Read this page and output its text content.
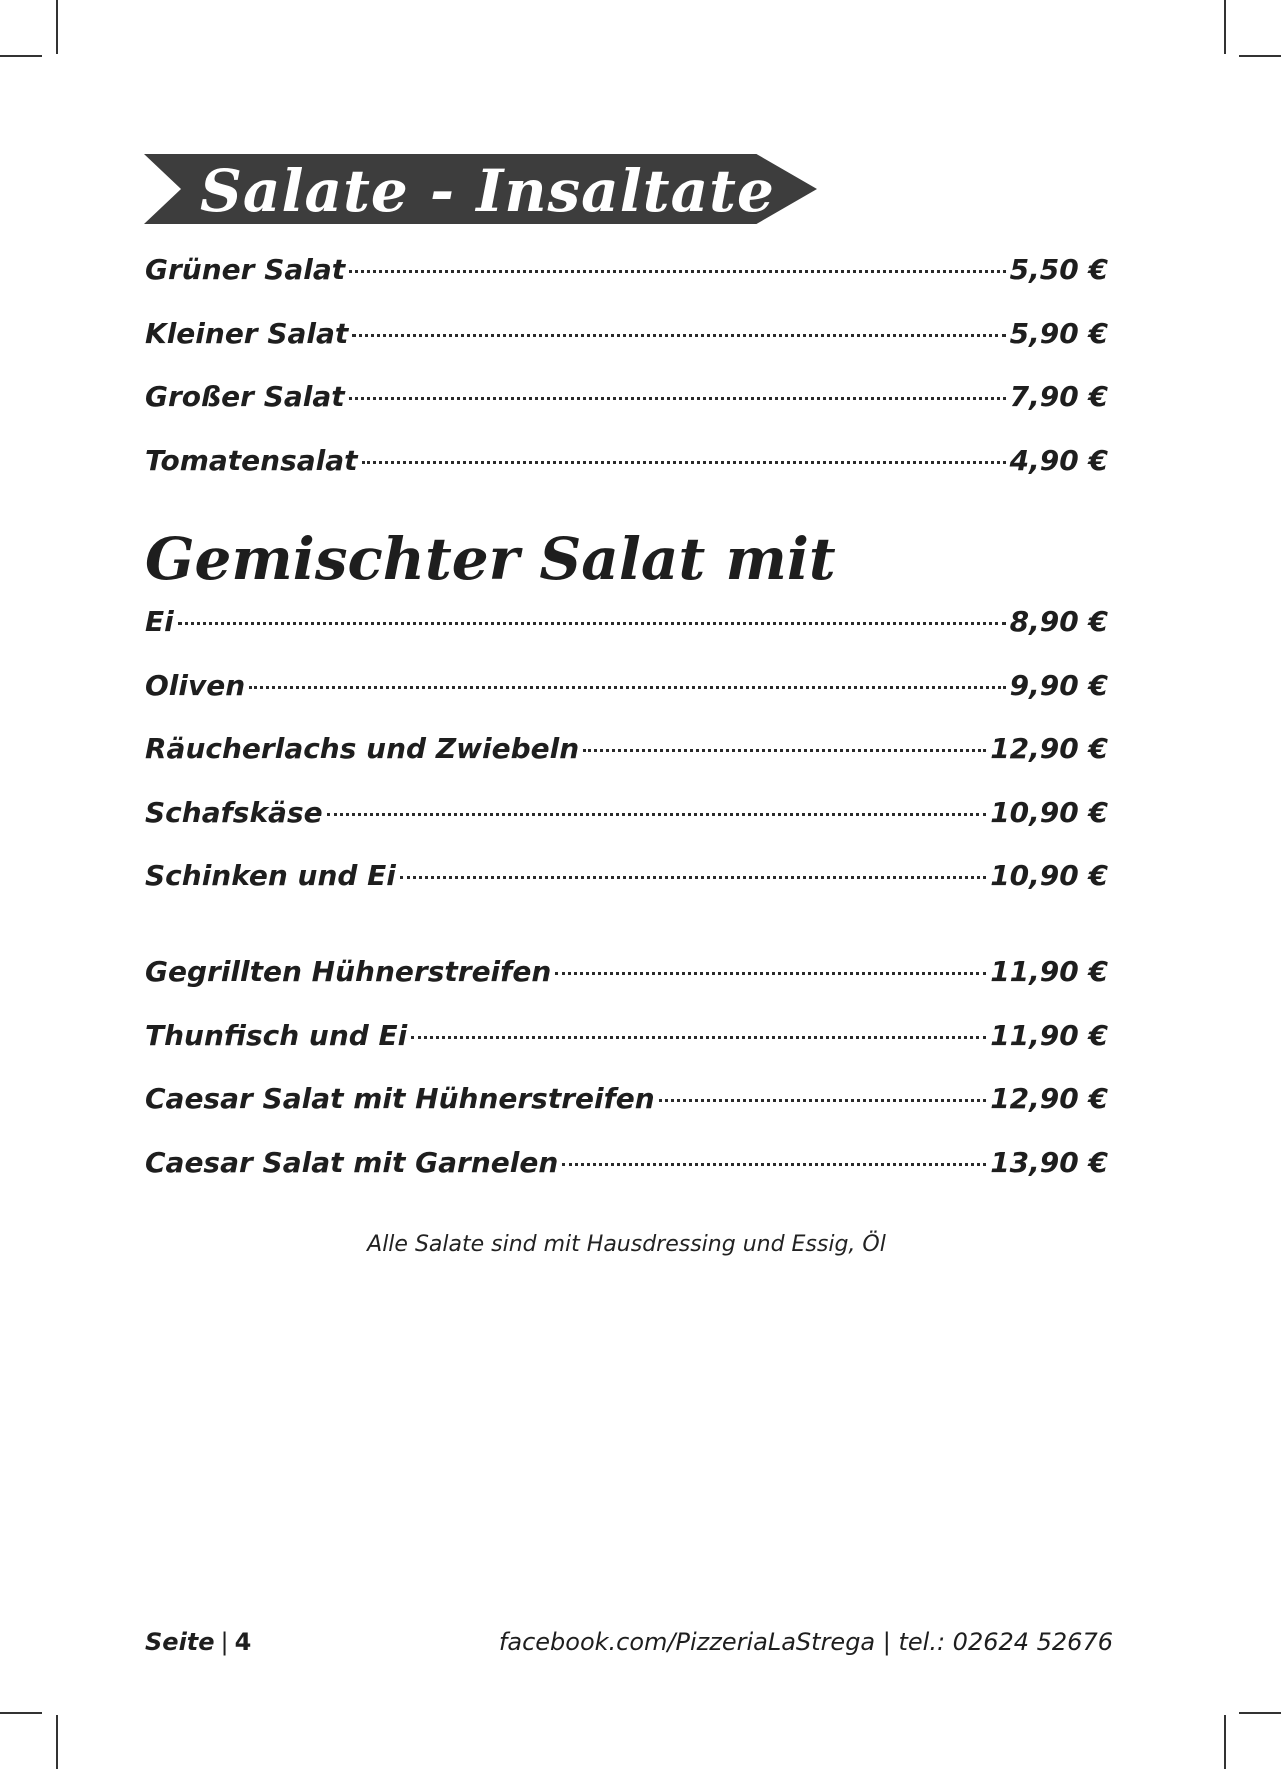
Salate - Insaltate
Grüner Salat	5,50 €
Kleiner Salat	5,90 €
Großer Salat	7,90 €
Tomatensalat	4,90 €
Gemischter Salat mit
Ei	8,90 €
Oliven	9,90 €
Räucherlachs und Zwiebeln	12,90 €
Schafskäse	10,90 €
Schinken und Ei	10,90 €
Gegrillten Hühnerstreifen	11,90 €
Thunfisch und Ei	11,90 €
Caesar Salat mit Hühnerstreifen	12,90 €
Caesar Salat mit Garnelen	13,90 €

Alle Salate sind mit Hausdressing und Essig, Öl

Seite | 4	facebook.com/PizzeriaLaStrega | tel.: 02624 52676
